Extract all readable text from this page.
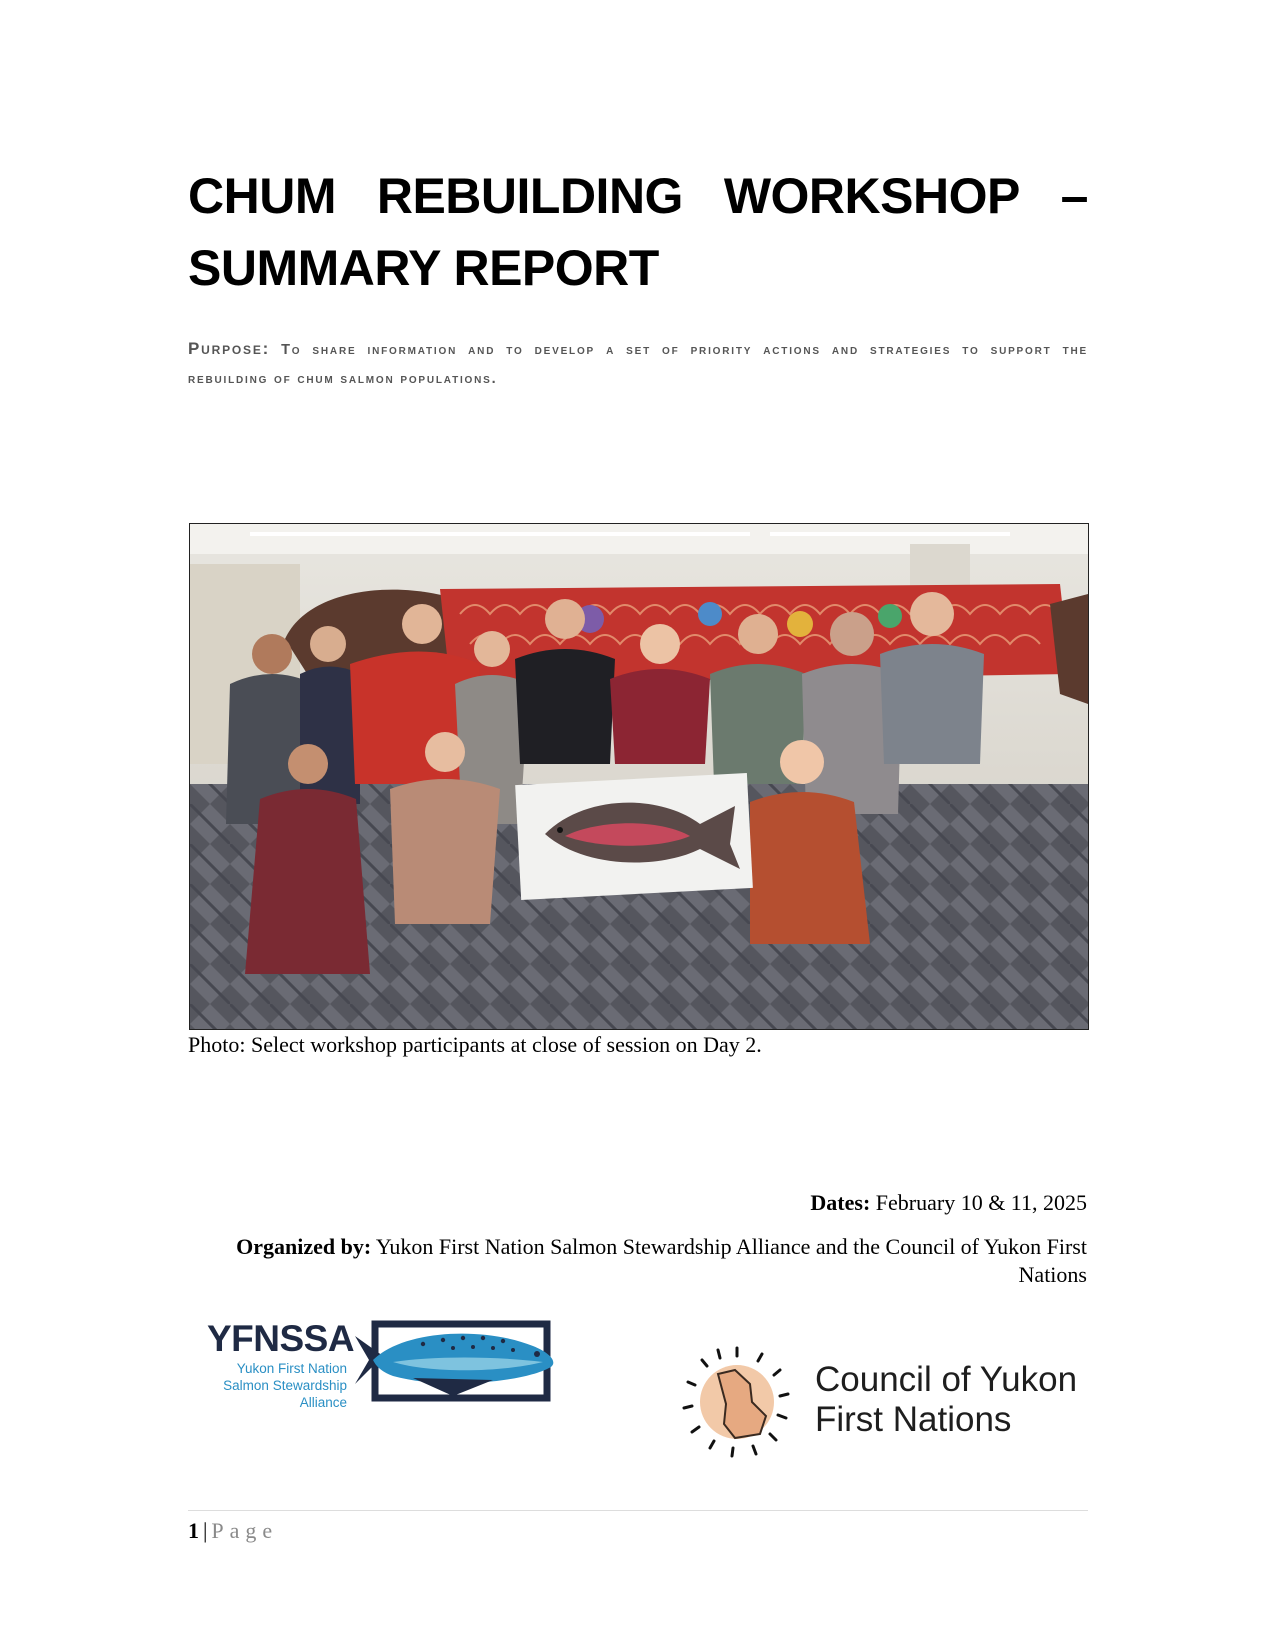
CHUM REBUILDING WORKSHOP –
SUMMARY REPORT

Purpose: To share information and to develop a set of priority actions and strategies to support the rebuilding of chum salmon populations.

Photo: Select workshop participants at close of session on Day 2.

Dates: February 10 & 11, 2025

Organized by: Yukon First Nation Salmon Stewardship Alliance and the Council of Yukon First Nations

YFNSSA
Yukon First Nation
Salmon Stewardship
Alliance
Council of Yukon
First Nations

1 | Page
